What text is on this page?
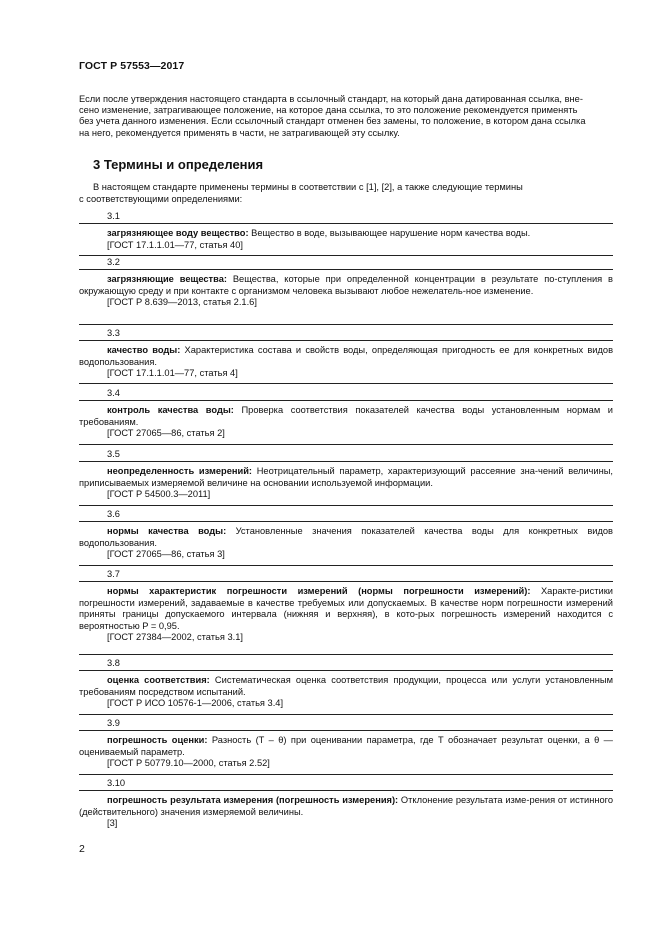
ГОСТ Р 57553—2017

Если после утверждения настоящего стандарта в ссылочный стандарт, на который дана датированная ссылка, вне-

сено изменение, затрагивающее положение, на которое дана ссылка, то это положение рекомендуется применять

без учета данного изменения. Если ссылочный стандарт отменен без замены, то положение, в котором дана ссылка

на него, рекомендуется применять в части, не затрагивающей эту ссылку.

3 Термины и определения

В настоящем стандарте применены термины в соответствии с [1], [2], а также следующие термины

с соответствующими определениями:

3.1

загрязняющее воду вещество: Вещество в воде, вызывающее нарушение норм качества воды.

[ГОСТ 17.1.1.01—77, статья 40]

3.2

загрязняющие вещества: Вещества, которые при определенной концентрации в результате по-ступления в окружающую среду и при контакте с организмом человека вызывают любое нежелатель-ное изменение.

[ГОСТ Р 8.639—2013, статья 2.1.6]

3.3

качество воды: Характеристика состава и свойств воды, определяющая пригодность ее для конкретных видов водопользования.

[ГОСТ 17.1.1.01—77, статья 4]

3.4

контроль качества воды: Проверка соответствия показателей качества воды установленным нормам и требованиям.

[ГОСТ 27065—86, статья 2]

3.5

неопределенность измерений: Неотрицательный параметр, характеризующий рассеяние зна-чений величины, приписываемых измеряемой величине на основании используемой информации.

[ГОСТ Р 54500.3—2011]

3.6

нормы качества воды: Установленные значения показателей качества воды для конкретных видов водопользования.

[ГОСТ 27065—86, статья 3]

3.7

нормы характеристик погрешности измерений (нормы погрешности измерений): Характе-ристики погрешности измерений, задаваемые в качестве требуемых или допускаемых. В качестве норм погрешности измерений приняты границы допускаемого интервала (нижняя и верхняя), в кото-рых погрешность измерений находится с вероятностью P = 0,95.

[ГОСТ 27384—2002, статья 3.1]

3.8

оценка соответствия: Систематическая оценка соответствия продукции, процесса или услуги установленным требованиям посредством испытаний.

[ГОСТ Р ИСО 10576-1—2006, статья 3.4]

3.9

погрешность оценки: Разность (T – θ) при оценивании параметра, где T обозначает результат оценки, а θ — оцениваемый параметр.

[ГОСТ Р 50779.10—2000, статья 2.52]

3.10

погрешность результата измерения (погрешность измерения): Отклонение результата изме-рения от истинного (действительного) значения измеряемой величины.

[3]

2
